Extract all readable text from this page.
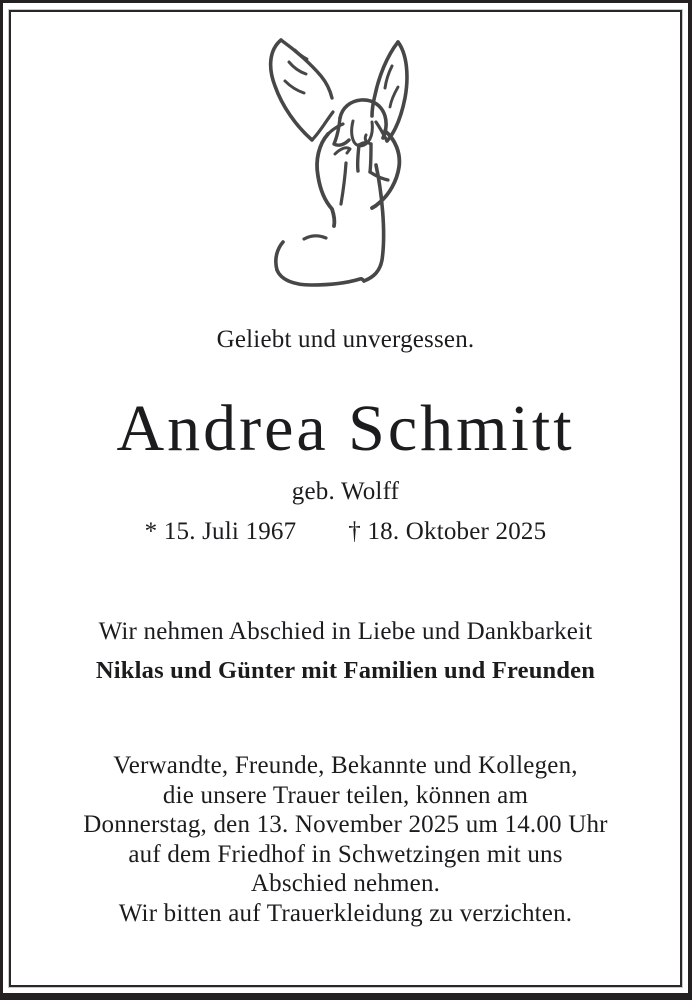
Geliebt und unvergessen.
Andrea Schmitt
geb. Wolff
* 15. Juli 1967 † 18. Oktober 2025
Wir nehmen Abschied in Liebe und Dankbarkeit
Niklas und Günter mit Familien und Freunden
Verwandte, Freunde, Bekannte und Kollegen,
die unsere Trauer teilen, können am
Donnerstag, den 13. November 2025 um 14.00 Uhr
auf dem Friedhof in Schwetzingen mit uns
Abschied nehmen.
Wir bitten auf Trauerkleidung zu verzichten.
